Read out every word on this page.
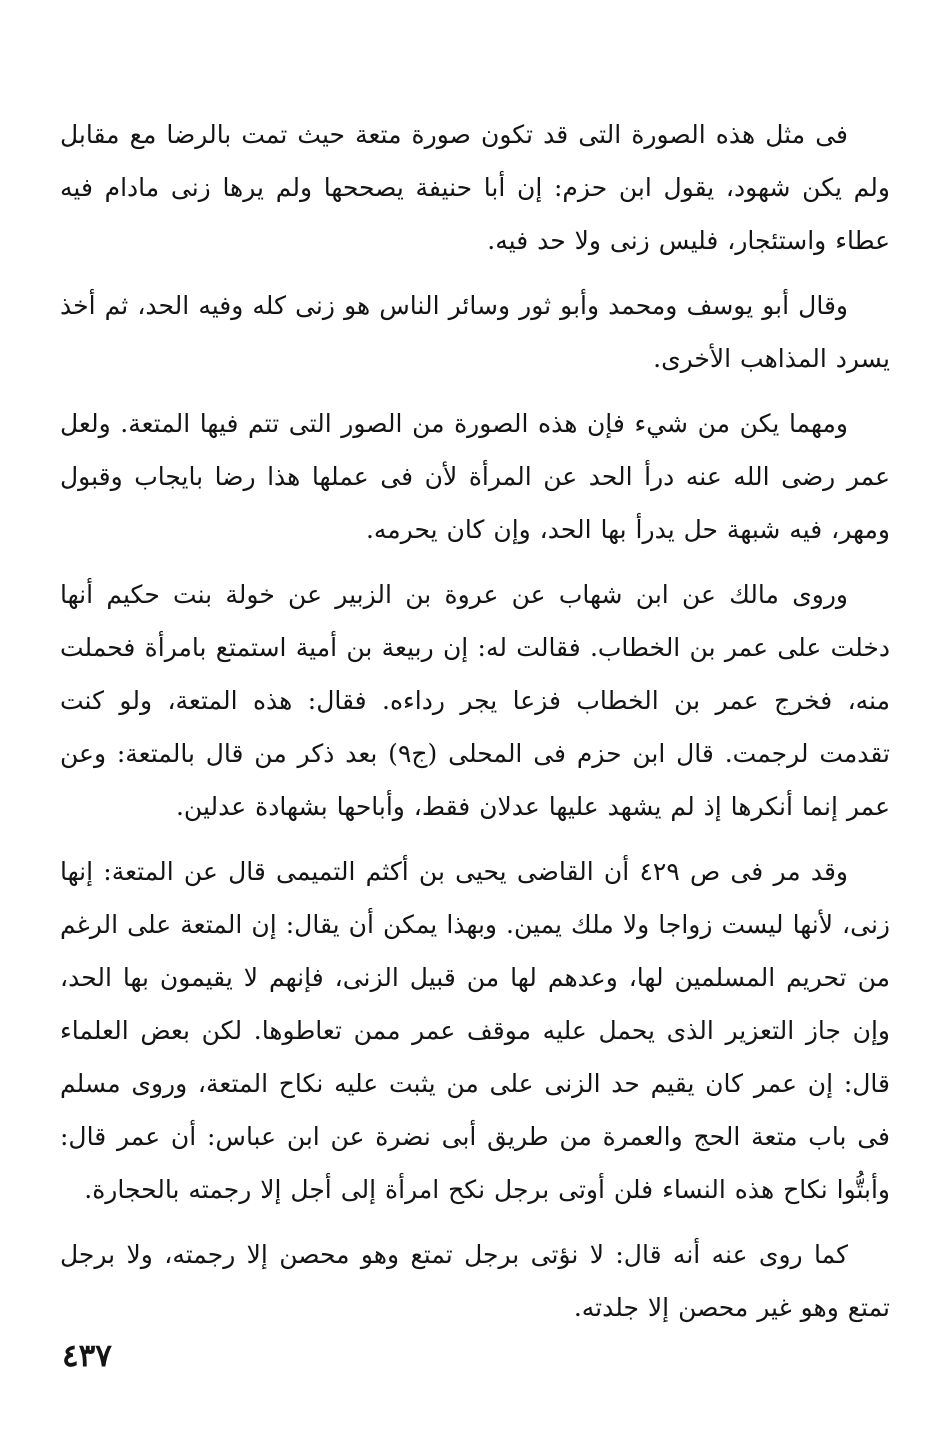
فى مثل هذه الصورة التى قد تكون صورة متعة حيث تمت بالرضا مع مقابل ولم يكن شهود، يقول ابن حزم: إن أبا حنيفة يصححها ولم يرها زنى مادام فيه عطاء واستئجار، فليس زنى ولا حد فيه.

وقال أبو يوسف ومحمد وأبو ثور وسائر الناس هو زنى كله وفيه الحد، ثم أخذ يسرد المذاهب الأخرى.

ومهما يكن من شيء فإن هذه الصورة من الصور التى تتم فيها المتعة. ولعل عمر رضى الله عنه درأ الحد عن المرأة لأن فى عملها هذا رضا بايجاب وقبول ومهر، فيه شبهة حل يدرأ بها الحد، وإن كان يحرمه.

وروى مالك عن ابن شهاب عن عروة بن الزبير عن خولة بنت حكيم أنها دخلت على عمر بن الخطاب. فقالت له: إن ربيعة بن أمية استمتع بامرأة فحملت منه، فخرج عمر بن الخطاب فزعا يجر رداءه. فقال: هذه المتعة، ولو كنت تقدمت لرجمت. قال ابن حزم فى المحلى (ج٩) بعد ذكر من قال بالمتعة: وعن عمر إنما أنكرها إذ لم يشهد عليها عدلان فقط، وأباحها بشهادة عدلين.

وقد مر فى ص ٤٢٩ أن القاضى يحيى بن أكثم التميمى قال عن المتعة: إنها زنى، لأنها ليست زواجا ولا ملك يمين. وبهذا يمكن أن يقال: إن المتعة على الرغم من تحريم المسلمين لها، وعدهم لها من قبيل الزنى، فإنهم لا يقيمون بها الحد، وإن جاز التعزير الذى يحمل عليه موقف عمر ممن تعاطوها. لكن بعض العلماء قال: إن عمر كان يقيم حد الزنى على من يثبت عليه نكاح المتعة، وروى مسلم فى باب متعة الحج والعمرة من طريق أبى نضرة عن ابن عباس: أن عمر قال: وأبتُّوا نكاح هذه النساء فلن أوتى برجل نكح امرأة إلى أجل إلا رجمته بالحجارة.

كما روى عنه أنه قال: لا نؤتى برجل تمتع وهو محصن إلا رجمته، ولا برجل تمتع وهو غير محصن إلا جلدته.

٤٣٧
